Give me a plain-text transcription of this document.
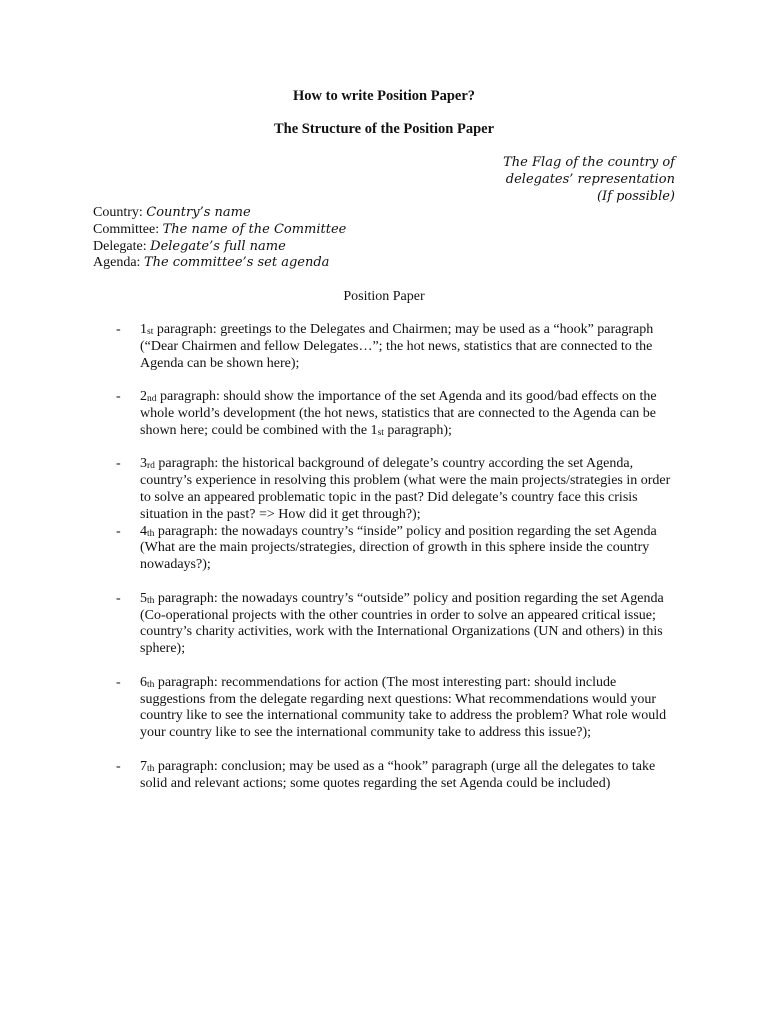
How to write Position Paper?
The Structure of the Position Paper
The Flag of the country of
delegates’ representation
(If possible)
Country: Country’s name
Committee: The name of the Committee
Delegate: Delegate’s full name
Agenda: The committee’s set agenda
Position Paper
- 1st paragraph: greetings to the Delegates and Chairmen; may be used as a “hook” paragraph (“Dear Chairmen and fellow Delegates…”; the hot news, statistics that are connected to the Agenda can be shown here);
- 2nd paragraph: should show the importance of the set Agenda and its good/bad effects on the whole world’s development (the hot news, statistics that are connected to the Agenda can be shown here; could be combined with the 1st paragraph);
- 3rd paragraph: the historical background of delegate’s country according the set Agenda, country’s experience in resolving this problem (what were the main projects/strategies in order to solve an appeared problematic topic in the past? Did delegate’s country face this crisis situation in the past? => How did it get through?);
- 4th paragraph: the nowadays country’s “inside” policy and position regarding the set Agenda (What are the main projects/strategies, direction of growth in this sphere inside the country nowadays?);
- 5th paragraph: the nowadays country’s “outside” policy and position regarding the set Agenda (Co-operational projects with the other countries in order to solve an appeared critical issue; country’s charity activities, work with the International Organizations (UN and others) in this sphere);
- 6th paragraph: recommendations for action (The most interesting part: should include suggestions from the delegate regarding next questions: What recommendations would your country like to see the international community take to address the problem? What role would your country like to see the international community take to address this issue?);
- 7th paragraph: conclusion; may be used as a “hook” paragraph (urge all the delegates to take solid and relevant actions; some quotes regarding the set Agenda could be included)
